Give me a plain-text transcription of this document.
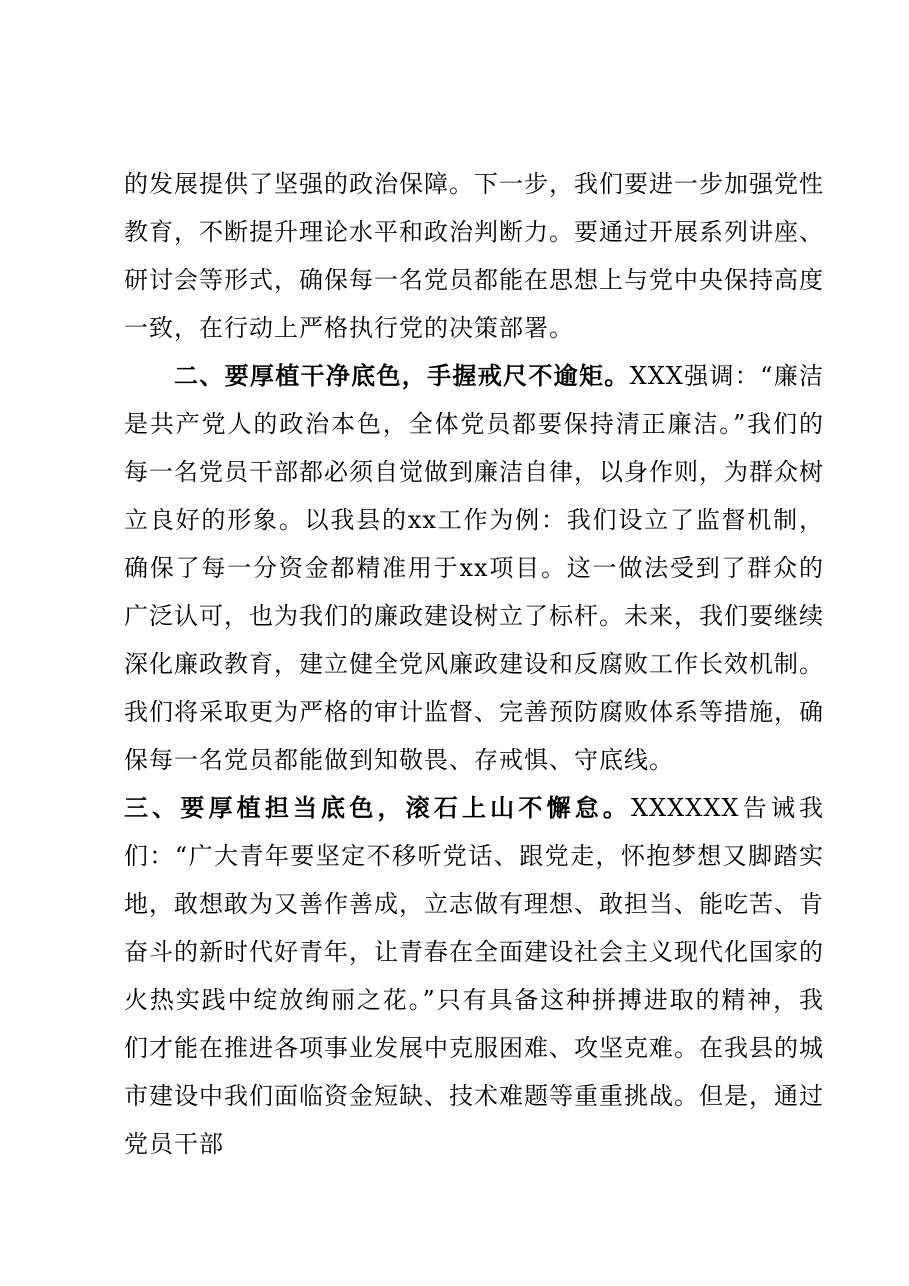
的发展提供了坚强的政治保障。下一步，我们要进一步加强党性教育，不断提升理论水平和政治判断力。要通过开展系列讲座、研讨会等形式，确保每一名党员都能在思想上与党中央保持高度一致，在行动上严格执行党的决策部署。

二、要厚植干净底色，手握戒尺不逾矩。XXX强调：“廉洁是共产党人的政治本色，全体党员都要保持清正廉洁。”我们的每一名党员干部都必须自觉做到廉洁自律，以身作则，为群众树立良好的形象。以我县的xx工作为例：我们设立了监督机制，确保了每一分资金都精准用于xx项目。这一做法受到了群众的广泛认可，也为我们的廉政建设树立了标杆。未来，我们要继续深化廉政教育，建立健全党风廉政建设和反腐败工作长效机制。我们将采取更为严格的审计监督、完善预防腐败体系等措施，确保每一名党员都能做到知敬畏、存戒惧、守底线。

三、要厚植担当底色，滚石上山不懈怠。XXXXXX告诫我们：“广大青年要坚定不移听党话、跟党走，怀抱梦想又脚踏实地，敢想敢为又善作善成，立志做有理想、敢担当、能吃苦、肯奋斗的新时代好青年，让青春在全面建设社会主义现代化国家的火热实践中绽放绚丽之花。”只有具备这种拼搏进取的精神，我们才能在推进各项事业发展中克服困难、攻坚克难。在我县的城市建设中我们面临资金短缺、技术难题等重重挑战。但是，通过党员干部
